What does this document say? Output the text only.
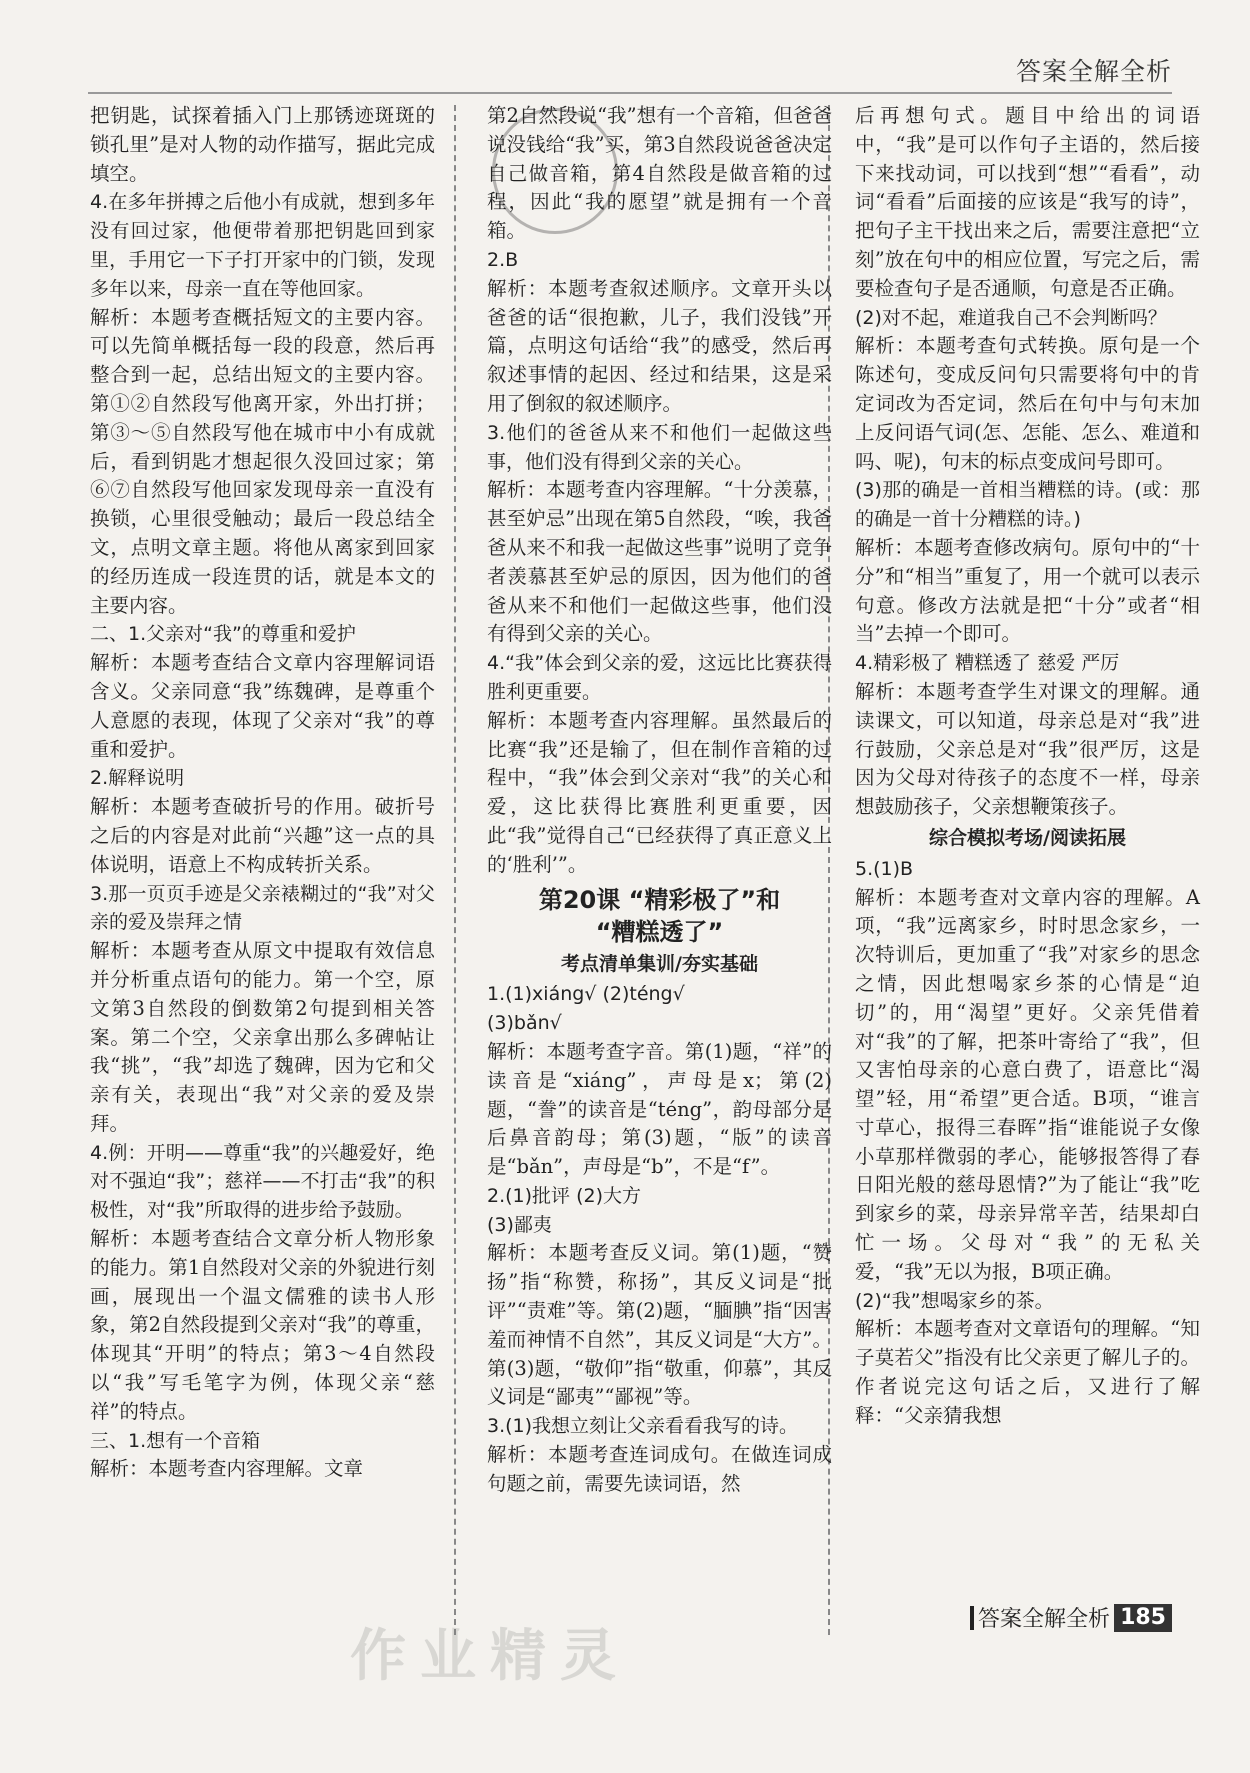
答案全解全析

把钥匙，试探着插入门上那锈迹斑斑的锁孔里”是对人物的动作描写，据此完成填空。

4.在多年拼搏之后他小有成就，想到多年没有回过家，他便带着那把钥匙回到家里，手用它一下子打开家中的门锁，发现多年以来，母亲一直在等他回家。

解析：本题考查概括短文的主要内容。可以先简单概括每一段的段意，然后再整合到一起，总结出短文的主要内容。第①②自然段写他离开家，外出打拼；第③～⑤自然段写他在城市中小有成就后，看到钥匙才想起很久没回过家；第⑥⑦自然段写他回家发现母亲一直没有换锁，心里很受触动；最后一段总结全文，点明文章主题。将他从离家到回家的经历连成一段连贯的话，就是本文的主要内容。

二、1.父亲对“我”的尊重和爱护

解析：本题考查结合文章内容理解词语含义。父亲同意“我”练魏碑，是尊重个人意愿的表现，体现了父亲对“我”的尊重和爱护。

2.解释说明

解析：本题考查破折号的作用。破折号之后的内容是对此前“兴趣”这一点的具体说明，语意上不构成转折关系。

3.那一页页手迹是父亲裱糊过的“我”对父亲的爱及崇拜之情

解析：本题考查从原文中提取有效信息并分析重点语句的能力。第一个空，原文第3自然段的倒数第2句提到相关答案。第二个空，父亲拿出那么多碑帖让我“挑”，“我”却选了魏碑，因为它和父亲有关，表现出“我”对父亲的爱及崇拜。

4.例：开明——尊重“我”的兴趣爱好，绝对不强迫“我”；慈祥——不打击“我”的积极性，对“我”所取得的进步给予鼓励。

解析：本题考查结合文章分析人物形象的能力。第1自然段对父亲的外貌进行刻画，展现出一个温文儒雅的读书人形象，第2自然段提到父亲对“我”的尊重，体现其“开明”的特点；第3～4自然段以“我”写毛笔字为例，体现父亲“慈祥”的特点。

三、1.想有一个音箱

解析：本题考查内容理解。文章

第2自然段说“我”想有一个音箱，但爸爸说没钱给“我”买，第3自然段说爸爸决定自己做音箱，第4自然段是做音箱的过程，因此“我的愿望”就是拥有一个音箱。

2.B

解析：本题考查叙述顺序。文章开头以爸爸的话“很抱歉，儿子，我们没钱”开篇，点明这句话给“我”的感受，然后再叙述事情的起因、经过和结果，这是采用了倒叙的叙述顺序。

3.他们的爸爸从来不和他们一起做这些事，他们没有得到父亲的关心。

解析：本题考查内容理解。“十分羡慕，甚至妒忌”出现在第5自然段，“唉，我爸爸从来不和我一起做这些事”说明了竞争者羡慕甚至妒忌的原因，因为他们的爸爸从来不和他们一起做这些事，他们没有得到父亲的关心。

4.“我”体会到父亲的爱，这远比比赛获得胜利更重要。

解析：本题考查内容理解。虽然最后的比赛“我”还是输了，但在制作音箱的过程中，“我”体会到父亲对“我”的关心和爱，这比获得比赛胜利更重要，因此“我”觉得自己“已经获得了真正意义上的‘胜利’”。

第20课 “精彩极了”和
“糟糕透了”
考点清单集训/夯实基础

1.(1)xiáng√ (2)téng√

(3)bǎn√

解析：本题考查字音。第(1)题，“祥”的读音是“xiáng”，声母是x；第(2)题，“誊”的读音是“téng”，韵母部分是后鼻音韵母；第(3)题，“版”的读音是“bǎn”，声母是“b”，不是“f”。

2.(1)批评 (2)大方

(3)鄙夷

解析：本题考查反义词。第(1)题，“赞扬”指“称赞，称扬”，其反义词是“批评”“责难”等。第(2)题，“腼腆”指“因害羞而神情不自然”，其反义词是“大方”。第(3)题，“敬仰”指“敬重，仰慕”，其反义词是“鄙夷”“鄙视”等。

3.(1)我想立刻让父亲看看我写的诗。

解析：本题考查连词成句。在做连词成句题之前，需要先读词语，然

后再想句式。题目中给出的词语中，“我”是可以作句子主语的，然后接下来找动词，可以找到“想”“看看”，动词“看看”后面接的应该是“我写的诗”，把句子主干找出来之后，需要注意把“立刻”放在句中的相应位置，写完之后，需要检查句子是否通顺，句意是否正确。

(2)对不起，难道我自己不会判断吗？

解析：本题考查句式转换。原句是一个陈述句，变成反问句只需要将句中的肯定词改为否定词，然后在句中与句末加上反问语气词(怎、怎能、怎么、难道和吗、呢)，句末的标点变成问号即可。

(3)那的确是一首相当糟糕的诗。(或：那的确是一首十分糟糕的诗。)

解析：本题考查修改病句。原句中的“十分”和“相当”重复了，用一个就可以表示句意。修改方法就是把“十分”或者“相当”去掉一个即可。

4.精彩极了 糟糕透了 慈爱 严厉

解析：本题考查学生对课文的理解。通读课文，可以知道，母亲总是对“我”进行鼓励，父亲总是对“我”很严厉，这是因为父母对待孩子的态度不一样，母亲想鼓励孩子，父亲想鞭策孩子。

综合模拟考场/阅读拓展

5.(1)B

解析：本题考查对文章内容的理解。A项，“我”远离家乡，时时思念家乡，一次特训后，更加重了“我”对家乡的思念之情，因此想喝家乡茶的心情是“迫切”的，用“渴望”更好。父亲凭借着对“我”的了解，把茶叶寄给了“我”，但又害怕母亲的心意白费了，语意比“渴望”轻，用“希望”更合适。B项，“谁言寸草心，报得三春晖”指“谁能说子女像小草那样微弱的孝心，能够报答得了春日阳光般的慈母恩情?”为了能让“我”吃到家乡的菜，母亲异常辛苦，结果却白忙一场。父母对“我”的无私关爱，“我”无以为报，B项正确。

(2)“我”想喝家乡的茶。

解析：本题考查对文章语句的理解。“知子莫若父”指没有比父亲更了解儿子的。作者说完这句话之后，又进行了解释：“父亲猜我想

作业精灵
答案全解全析 185
